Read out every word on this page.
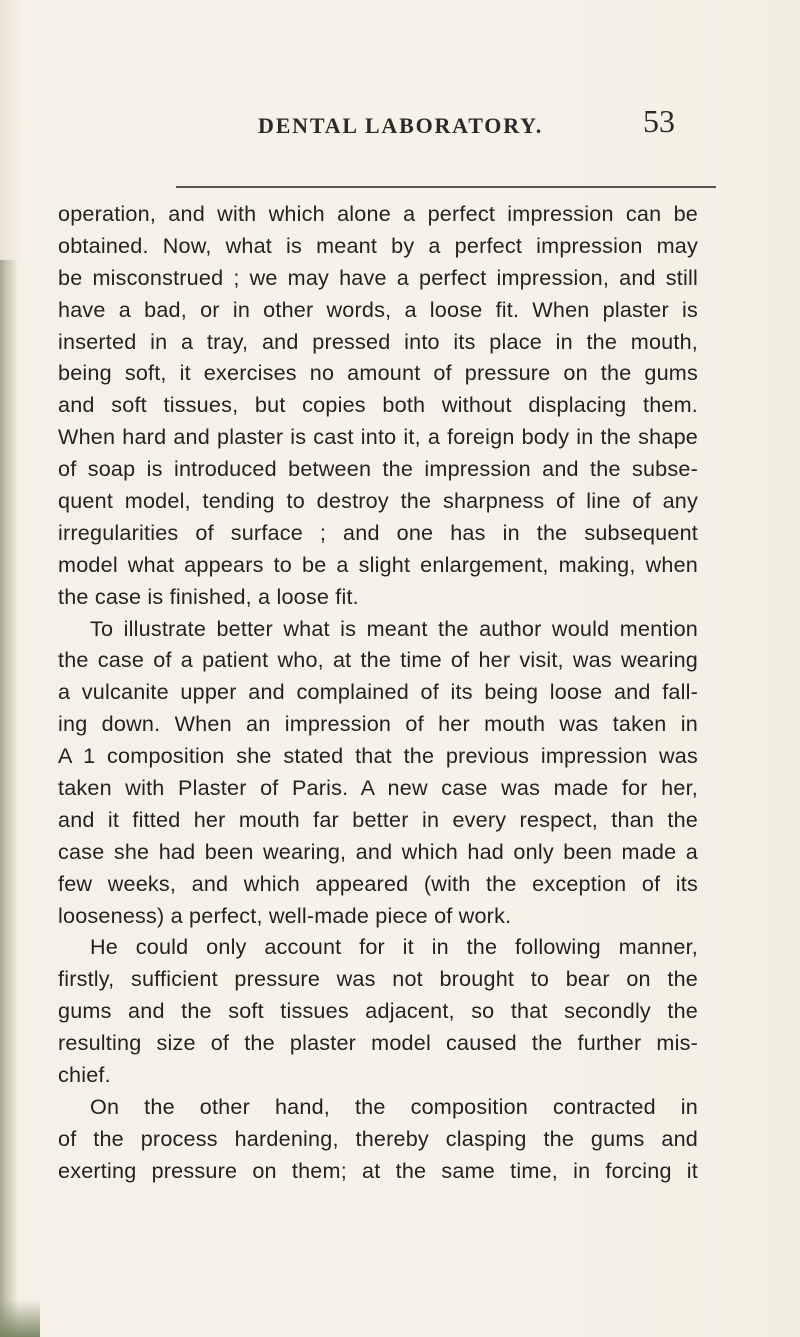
DENTAL LABORATORY.	53
operation, and with which alone a perfect impression can be
obtained. Now, what is meant by a perfect impression may
be misconstrued ; we may have a perfect impression, and still
have a bad, or in other words, a loose fit. When plaster is
inserted in a tray, and pressed into its place in the mouth,
being soft, it exercises no amount of pressure on the gums
and soft tissues, but copies both without displacing them.
When hard and plaster is cast into it, a foreign body in the shape
of soap is introduced between the impression and the subse-
quent model, tending to destroy the sharpness of line of any
irregularities of surface ; and one has in the subsequent
model what appears to be a slight enlargement, making, when
the case is finished, a loose fit.
To illustrate better what is meant the author would mention
the case of a patient who, at the time of her visit, was wearing
a vulcanite upper and complained of its being loose and fall-
ing down. When an impression of her mouth was taken in
A 1 composition she stated that the previous impression was
taken with Plaster of Paris. A new case was made for her,
and it fitted her mouth far better in every respect, than the
case she had been wearing, and which had only been made a
few weeks, and which appeared (with the exception of its
looseness) a perfect, well-made piece of work.
He could only account for it in the following manner,
firstly, sufficient pressure was not brought to bear on the
gums and the soft tissues adjacent, so that secondly the
resulting size of the plaster model caused the further mis-
chief.
On the other hand, the composition contracted in
of the process hardening, thereby clasping the gums and
exerting pressure on them; at the same time, in forcing it
